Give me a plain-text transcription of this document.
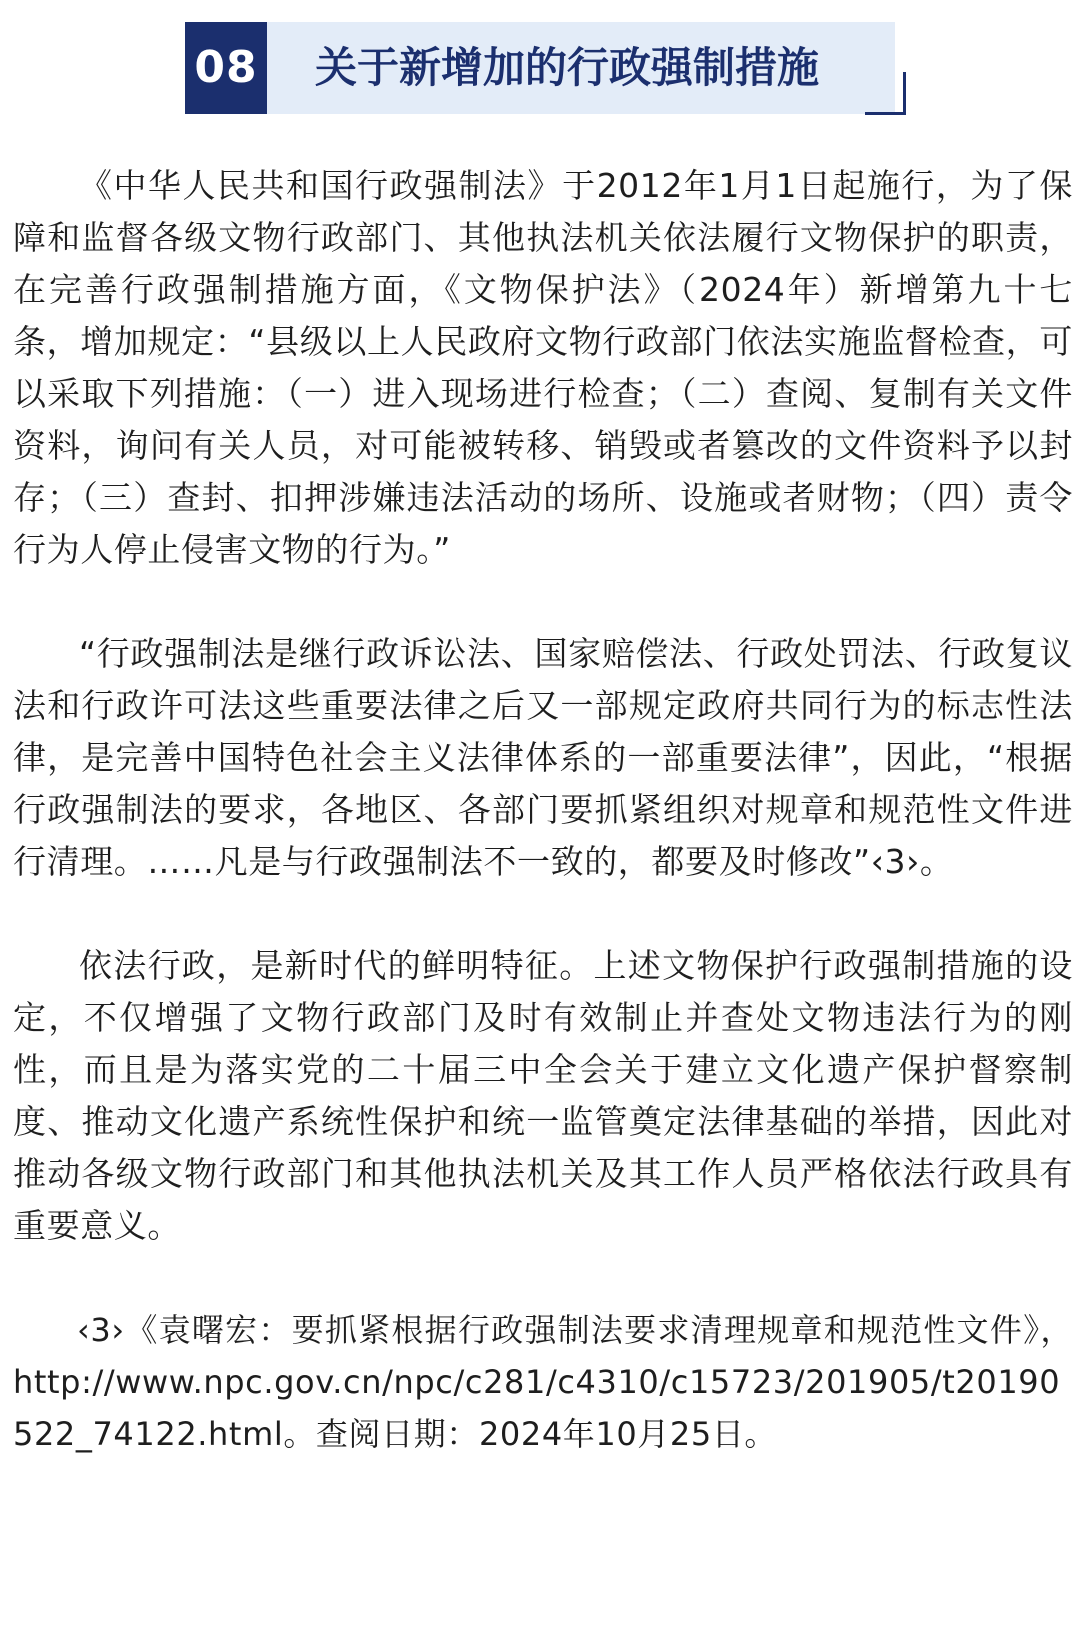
08 关于新增加的行政强制措施

《中华人民共和国行政强制法》于2012年1月1日起施行，为了保障和监督各级文物行政部门、其他执法机关依法履行文物保护的职责，在完善行政强制措施方面，《文物保护法》（2024年）新增第九十七条，增加规定：“县级以上人民政府文物行政部门依法实施监督检查，可以采取下列措施：（一）进入现场进行检查；（二）查阅、复制有关文件资料，询问有关人员，对可能被转移、销毁或者篡改的文件资料予以封存；（三）查封、扣押涉嫌违法活动的场所、设施或者财物；（四）责令行为人停止侵害文物的行为。”

“行政强制法是继行政诉讼法、国家赔偿法、行政处罚法、行政复议法和行政许可法这些重要法律之后又一部规定政府共同行为的标志性法律，是完善中国特色社会主义法律体系的一部重要法律”，因此，“根据行政强制法的要求，各地区、各部门要抓紧组织对规章和规范性文件进行清理。……凡是与行政强制法不一致的，都要及时修改”‹3›。

依法行政，是新时代的鲜明特征。上述文物保护行政强制措施的设定，不仅增强了文物行政部门及时有效制止并查处文物违法行为的刚性，而且是为落实党的二十届三中全会关于建立文化遗产保护督察制度、推动文化遗产系统性保护和统一监管奠定法律基础的举措，因此对推动各级文物行政部门和其他执法机关及其工作人员严格依法行政具有重要意义。

‹3›《袁曙宏：要抓紧根据行政强制法要求清理规章和规范性文件》，http://www.npc.gov.cn/npc/c281/c4310/c15723/201905/t20190522_74122.html。查阅日期：2024年10月25日。
